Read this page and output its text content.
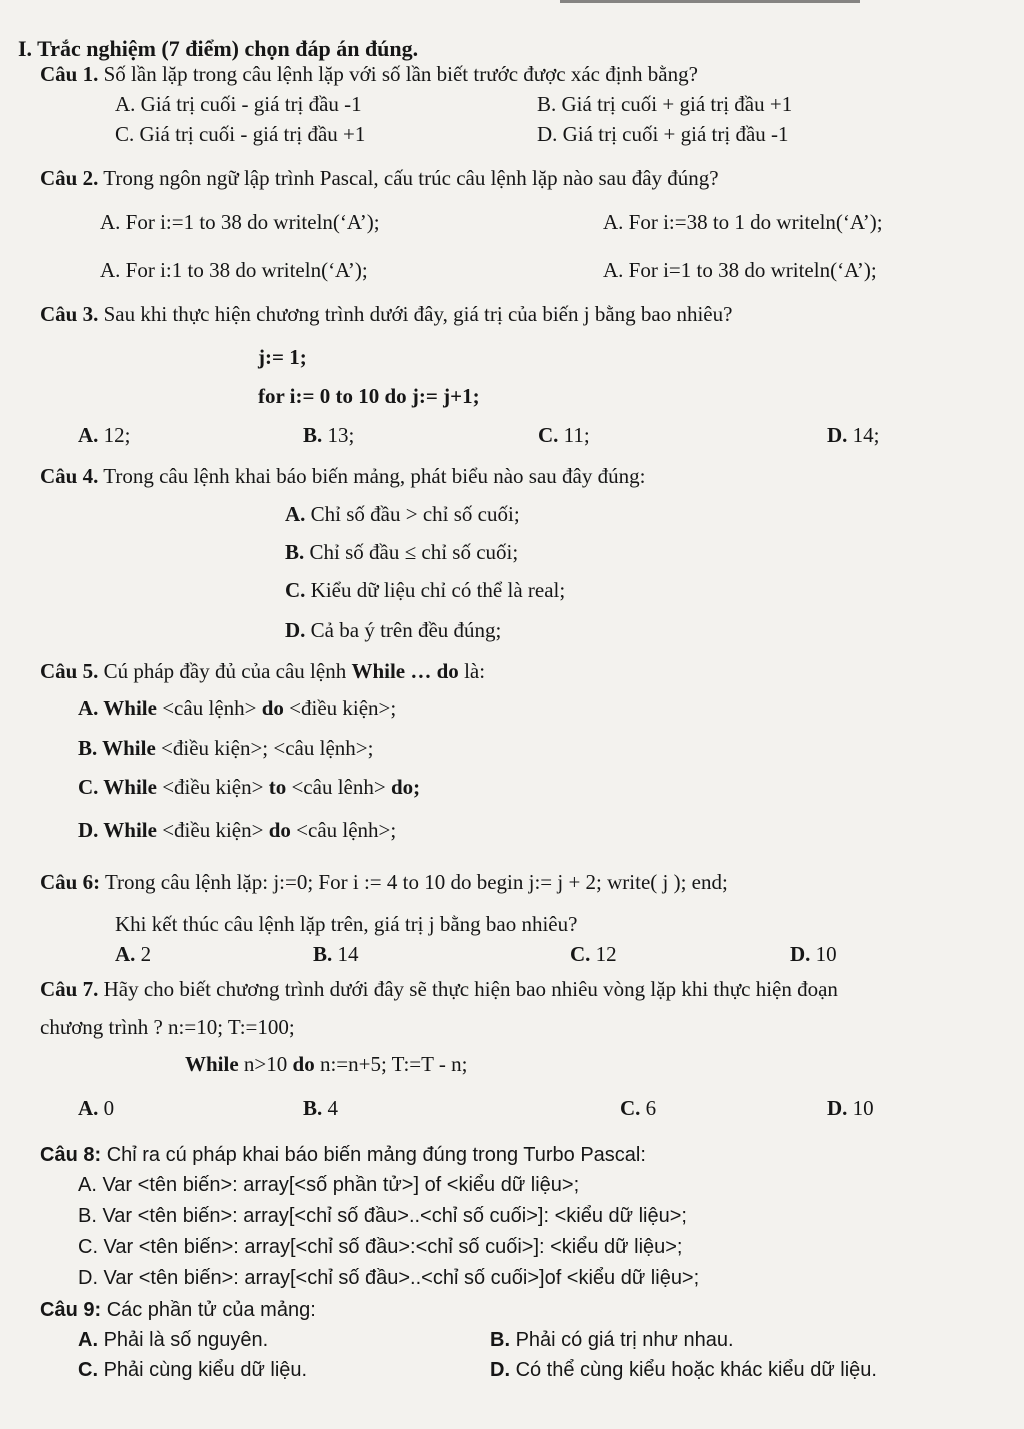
I. Trắc nghiệm (7 điểm) chọn đáp án đúng.
Câu 1. Số lần lặp trong câu lệnh lặp với số lần biết trước được xác định bằng?
A. Giá trị cuối - giá trị đầu -1	B. Giá trị cuối + giá trị đầu +1
C. Giá trị cuối - giá trị đầu +1	D. Giá trị cuối + giá trị đầu -1
Câu 2. Trong ngôn ngữ lập trình Pascal, cấu trúc câu lệnh lặp nào sau đây đúng?
A. For i:=1 to 38 do writeln(‘A’);	A. For i:=38 to 1 do writeln(‘A’);
A. For i:1 to 38 do writeln(‘A’);	A. For i=1 to 38 do writeln(‘A’);
Câu 3. Sau khi thực hiện chương trình dưới đây, giá trị của biến j bằng bao nhiêu?
j:= 1;
for i:= 0 to 10 do j:= j+1;
A. 12;	B. 13;	C. 11;	D. 14;
Câu 4. Trong câu lệnh khai báo biến mảng, phát biểu nào sau đây đúng:
A. Chỉ số đầu > chỉ số cuối;
B. Chỉ số đầu ≤ chỉ số cuối;
C. Kiểu dữ liệu chỉ có thể là real;
D. Cả ba ý trên đều đúng;
Câu 5. Cú pháp đầy đủ của câu lệnh While … do là:
A. While <câu lệnh> do <điều kiện>;
B. While <điều kiện>; <câu lệnh>;
C. While <điều kiện> to <câu lênh> do;
D. While <điều kiện> do <câu lệnh>;
Câu 6: Trong câu lệnh lặp: j:=0; For i := 4 to 10 do begin j:= j + 2; write( j ); end;
Khi kết thúc câu lệnh lặp trên, giá trị j bằng bao nhiêu?
A. 2	B. 14	C. 12	D. 10
Câu 7. Hãy cho biết chương trình dưới đây sẽ thực hiện bao nhiêu vòng lặp khi thực hiện đoạn
chương trình ? n:=10; T:=100;
While n>10 do n:=n+5; T:=T - n;
A. 0	B. 4	C. 6	D. 10
Câu 8: Chỉ ra cú pháp khai báo biến mảng đúng trong Turbo Pascal:
A. Var <tên biến>: array[<số phần tử>] of <kiểu dữ liệu>;
B. Var <tên biến>: array[<chỉ số đầu>..<chỉ số cuối>]: <kiểu dữ liệu>;
C. Var <tên biến>: array[<chỉ số đầu>:<chỉ số cuối>]: <kiểu dữ liệu>;
D. Var <tên biến>: array[<chỉ số đầu>..<chỉ số cuối>]of <kiểu dữ liệu>;
Câu 9: Các phần tử của mảng:
A. Phải là số nguyên.	B. Phải có giá trị như nhau.
C. Phải cùng kiểu dữ liệu.	D. Có thể cùng kiểu hoặc khác kiểu dữ liệu.
